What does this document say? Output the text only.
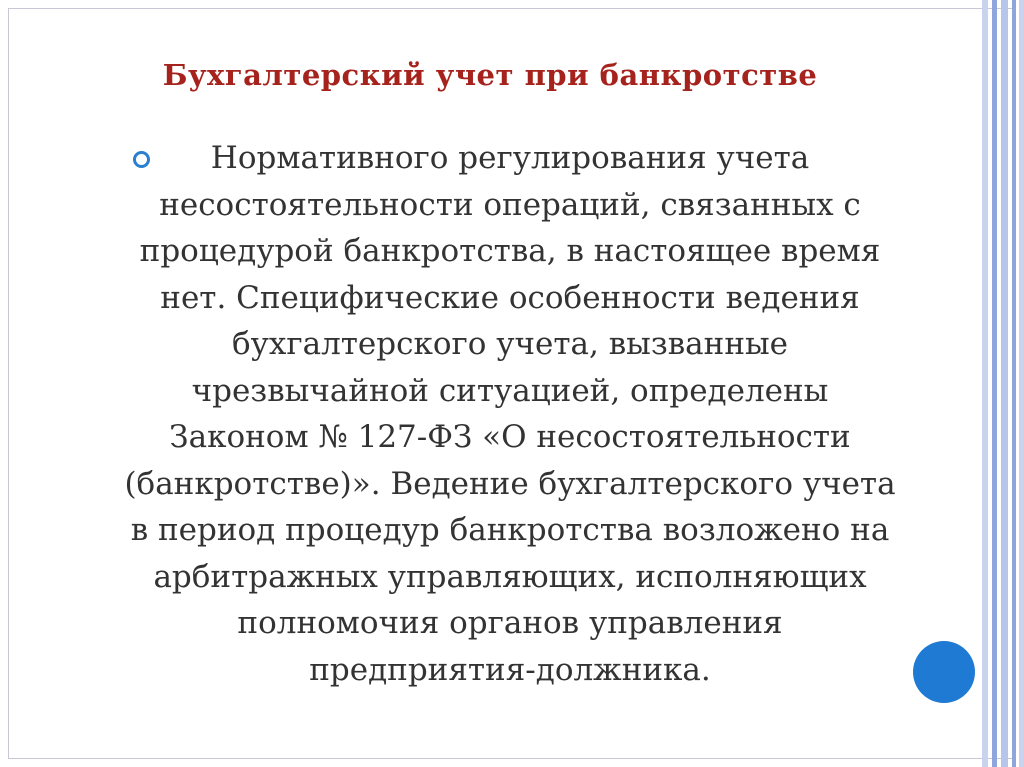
Бухгалтерский учет при банкротстве

Нормативного регулирования учета
несостоятельности операций, связанных с
процедурой банкротства, в настоящее время
нет. Специфические особенности ведения
бухгалтерского учета, вызванные
чрезвычайной ситуацией, определены
Законом № 127-ФЗ «О несостоятельности
(банкротстве)». Ведение бухгалтерского учета
в период процедур банкротства возложено на
арбитражных управляющих, исполняющих
полномочия органов управления
предприятия-должника.
